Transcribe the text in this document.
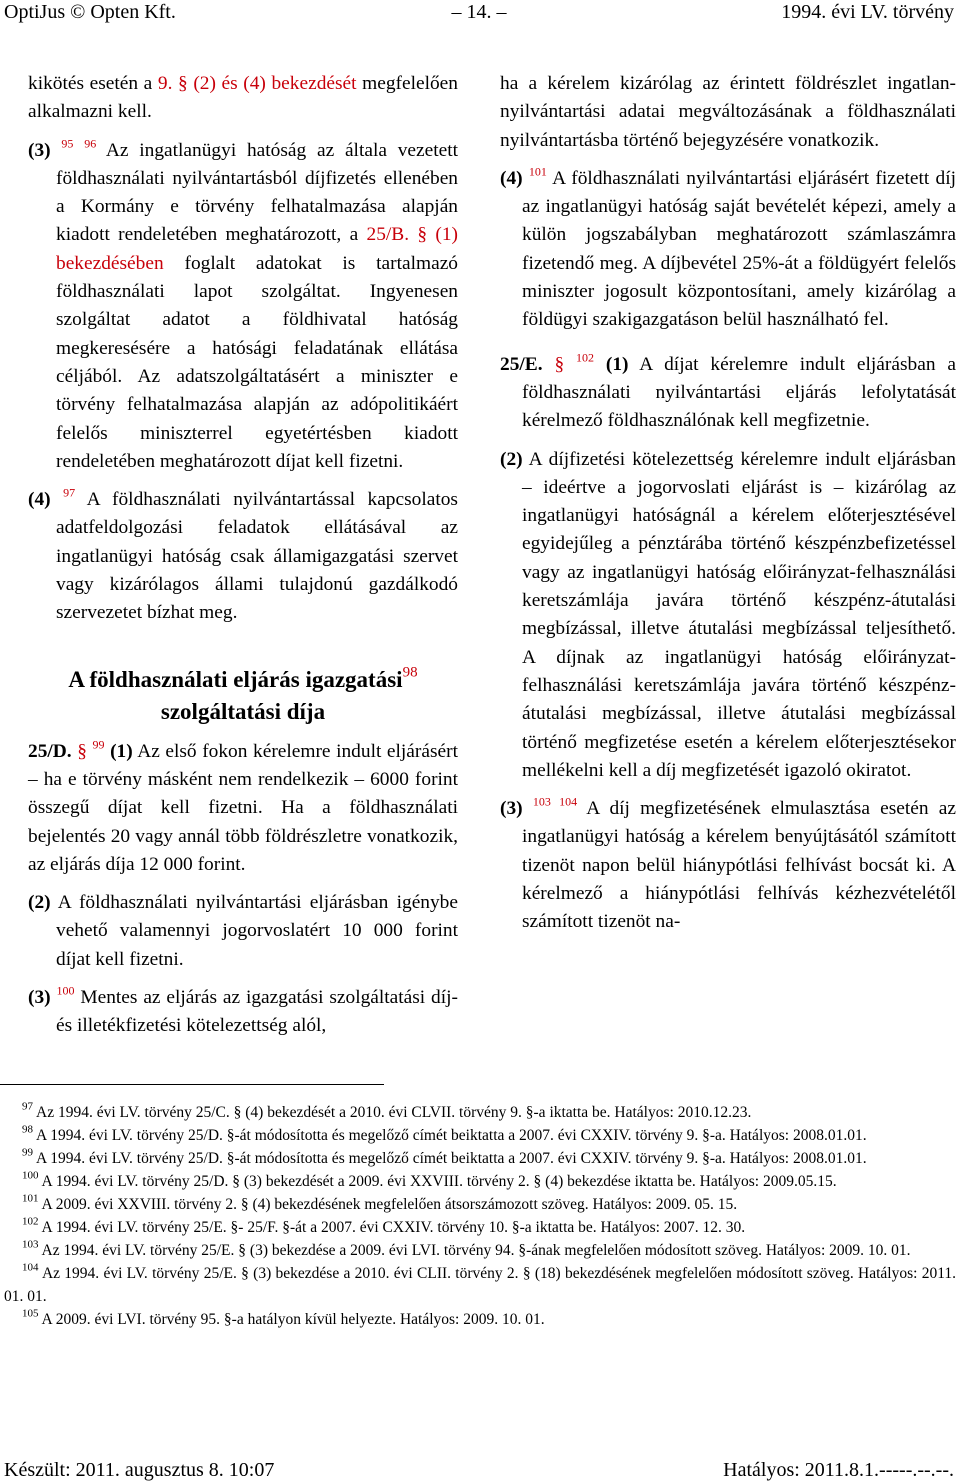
OptiJus © Opten Kft.	– 14. –	1994. évi LV. törvény

kikötés esetén a 9. § (2) és (4) bekezdését megfelelően alkalmazni kell.

(3) $^{95}$ $^{96}$ Az ingatlanügyi hatóság az általa vezetett földhasználati nyilvántartásból díjfizetés ellenében a Kormány e törvény felhatalmazása alapján kiadott rendeletében meghatározott, a 25/B. § (1) bekezdésében foglalt adatokat is tartalmazó földhasználati lapot szolgáltat. Ingyenesen szolgáltat adatot a földhivatal hatóság megkeresésére a hatósági feladatának ellátása céljából. Az adatszolgáltatásért a miniszter e törvény felhatalmazása alapján az adópolitikáért felelős miniszterrel egyetértésben kiadott rendeletében meghatározott díjat kell fizetni.

(4) $^{97}$ A földhasználati nyilvántartással kapcsolatos adatfeldolgozási feladatok ellátásával az ingatlanügyi hatóság csak államigazgatási szervet vagy kizárólagos állami tulajdonú gazdálkodó szervezetet bízhat meg.

A földhasználati eljárás igazgatási$^{98}$
szolgáltatási díja

25/D. § $^{99}$ (1) Az első fokon kérelemre indult eljárásért – ha e törvény másként nem rendelkezik – 6000 forint összegű díjat kell fizetni. Ha a földhasználati bejelentés 20 vagy annál több földrészletre vonatkozik, az eljárás díja 12 000 forint.

(2) A földhasználati nyilvántartási eljárásban igénybe vehető valamennyi jogorvoslatért 10 000 forint díjat kell fizetni.

(3) $^{100}$ Mentes az eljárás az igazgatási szolgáltatási díj- és illetékfizetési kötelezettség alól,

ha a kérelem kizárólag az érintett földrészlet ingatlan-nyilvántartási adatai megváltozásának a földhasználati nyilvántartásba történő bejegyzésére vonatkozik.

(4) $^{101}$ A földhasználati nyilvántartási eljárásért fizetett díj az ingatlanügyi hatóság saját bevételét képezi, amely a külön jogszabályban meghatározott számlaszámra fizetendő meg. A díjbevétel 25%-át a földügyért felelős miniszter jogosult központosítani, amely kizárólag a földügyi szakigazgatáson belül használható fel.

25/E. § $^{102}$ (1) A díjat kérelemre indult eljárásban a földhasználati nyilvántartási eljárás lefolytatását kérelmező földhasználónak kell megfizetnie.

(2) A díjfizetési kötelezettség kérelemre indult eljárásban – ideértve a jogorvoslati eljárást is – kizárólag az ingatlanügyi hatóságnál a kérelem előterjesztésével egyidejűleg a pénztárába történő készpénzbefizetéssel vagy az ingatlanügyi hatóság előirányzat-felhasználási keretszámlája javára történő készpénz-átutalási megbízással, illetve átutalási megbízással teljesíthető. A díjnak az ingatlanügyi hatóság előirányzat-felhasználási keretszámlája javára történő készpénz-átutalási megbízással, illetve átutalási megbízással történő megfizetése esetén a kérelem előterjesztésekor mellékelni kell a díj megfizetését igazoló okiratot.

(3) $^{103 104}$ A díj megfizetésének elmulasztása esetén az ingatlanügyi hatóság a kérelem benyújtásától számított tizenöt napon belül hiánypótlási felhívást bocsát ki. A kérelmező a hiánypótlási felhívás kézhezvételétől számított tizenöt na-

$^{97}$ Az 1994. évi LV. törvény 25/C. § (4) bekezdését a 2010. évi CLVII. törvény 9. §-a iktatta be. Hatályos: 2010.12.23.

$^{98}$ A 1994. évi LV. törvény 25/D. §-át módosította és megelőző címét beiktatta a 2007. évi CXXIV. törvény 9. §-a. Hatályos: 2008.01.01.

$^{99}$ A 1994. évi LV. törvény 25/D. §-át módosította és megelőző címét beiktatta a 2007. évi CXXIV. törvény 9. §-a. Hatályos: 2008.01.01.

$^{100}$ A 1994. évi LV. törvény 25/D. § (3) bekezdését a 2009. évi XXVIII. törvény 2. § (4) bekezdése iktatta be. Hatályos: 2009.05.15.

$^{101}$ A 2009. évi XXVIII. törvény 2. § (4) bekezdésének megfelelően átsorszámozott szöveg. Hatályos: 2009. 05. 15.

$^{102}$ A 1994. évi LV. törvény 25/E. §- 25/F. §-át a 2007. évi CXXIV. törvény 10. §-a iktatta be. Hatályos: 2007. 12. 30.

$^{103}$ Az 1994. évi LV. törvény 25/E. § (3) bekezdése a 2009. évi LVI. törvény 94. §-ának megfelelően módosított szöveg. Hatályos: 2009. 10. 01.

$^{104}$ Az 1994. évi LV. törvény 25/E. § (3) bekezdése a 2010. évi CLII. törvény 2. § (18) bekezdésének megfelelően módosított szöveg. Hatályos: 2011. 01. 01.

$^{105}$ A 2009. évi LVI. törvény 95. §-a hatályon kívül helyezte. Hatályos: 2009. 10. 01.

Készült: 2011. augusztus 8. 10:07	Hatályos: 2011.8.1.-----.--.--.
